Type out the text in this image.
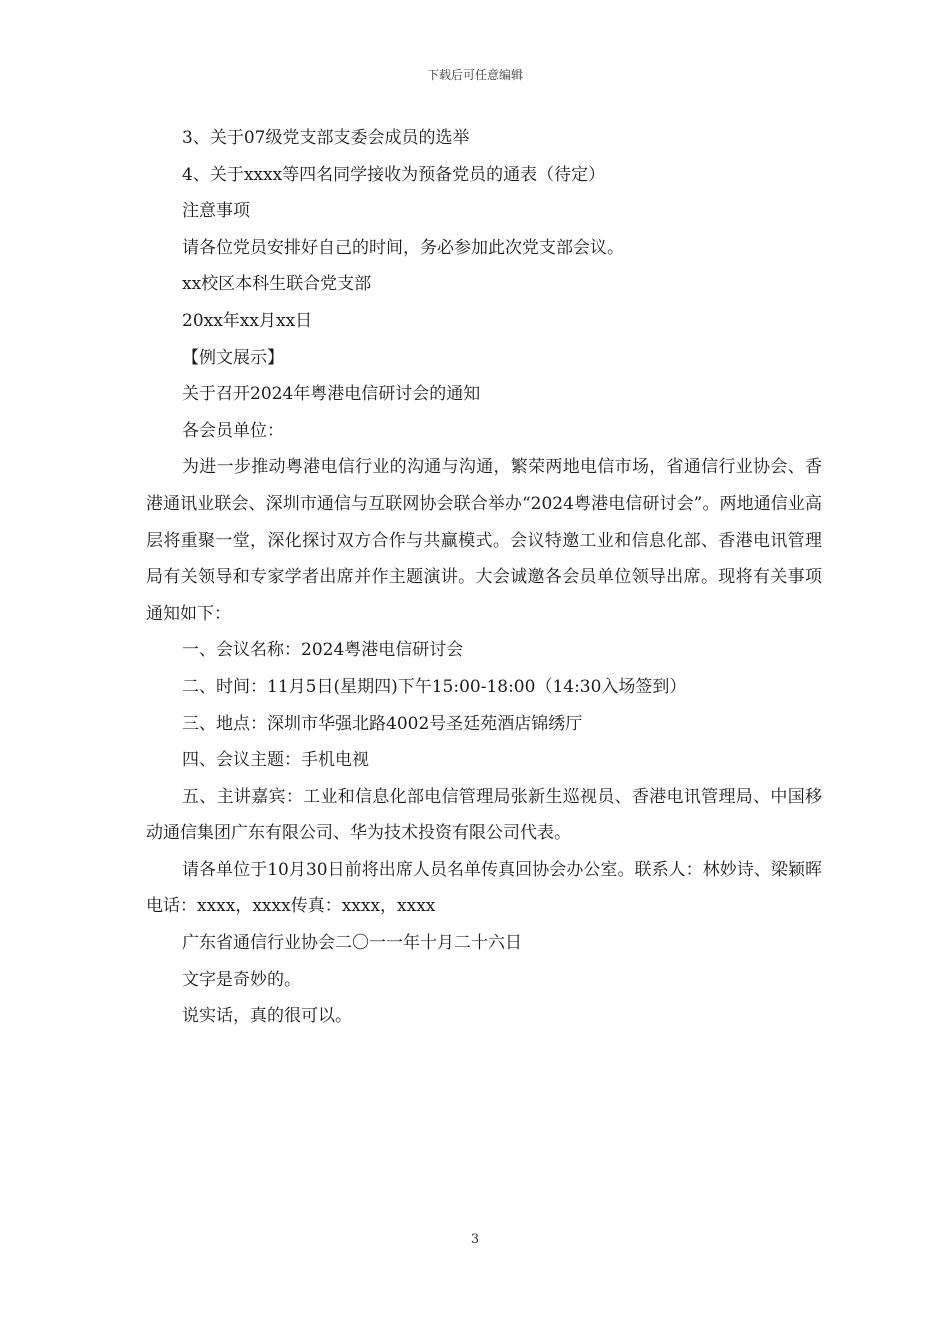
下载后可任意编辑
3、关于07级党支部支委会成员的选举
4、关于xxxx等四名同学接收为预备党员的通表（待定）
注意事项
请各位党员安排好自己的时间，务必参加此次党支部会议。
xx校区本科生联合党支部
20xx年xx月xx日
【例文展示】
关于召开2024年粤港电信研讨会的通知
各会员单位：
为进一步推动粤港电信行业的沟通与沟通，繁荣两地电信市场，省通信行业协会、香港通讯业联会、深圳市通信与互联网协会联合举办“2024粤港电信研讨会”。两地通信业高层将重聚一堂，深化探讨双方合作与共赢模式。会议特邀工业和信息化部、香港电讯管理局有关领导和专家学者出席并作主题演讲。大会诚邀各会员单位领导出席。现将有关事项通知如下：
一、会议名称：2024粤港电信研讨会
二、时间：11月5日(星期四)下午15:00-18:00（14:30入场签到）
三、地点：深圳市华强北路4002号圣廷苑酒店锦绣厅
四、会议主题：手机电视
五、主讲嘉宾：工业和信息化部电信管理局张新生巡视员、香港电讯管理局、中国移动通信集团广东有限公司、华为技术投资有限公司代表。
请各单位于10月30日前将出席人员名单传真回协会办公室。联系人：林妙诗、梁颖晖电话：xxxx，xxxx传真：xxxx，xxxx
广东省通信行业协会二〇一一年十月二十六日
文字是奇妙的。
说实话，真的很可以。
3
